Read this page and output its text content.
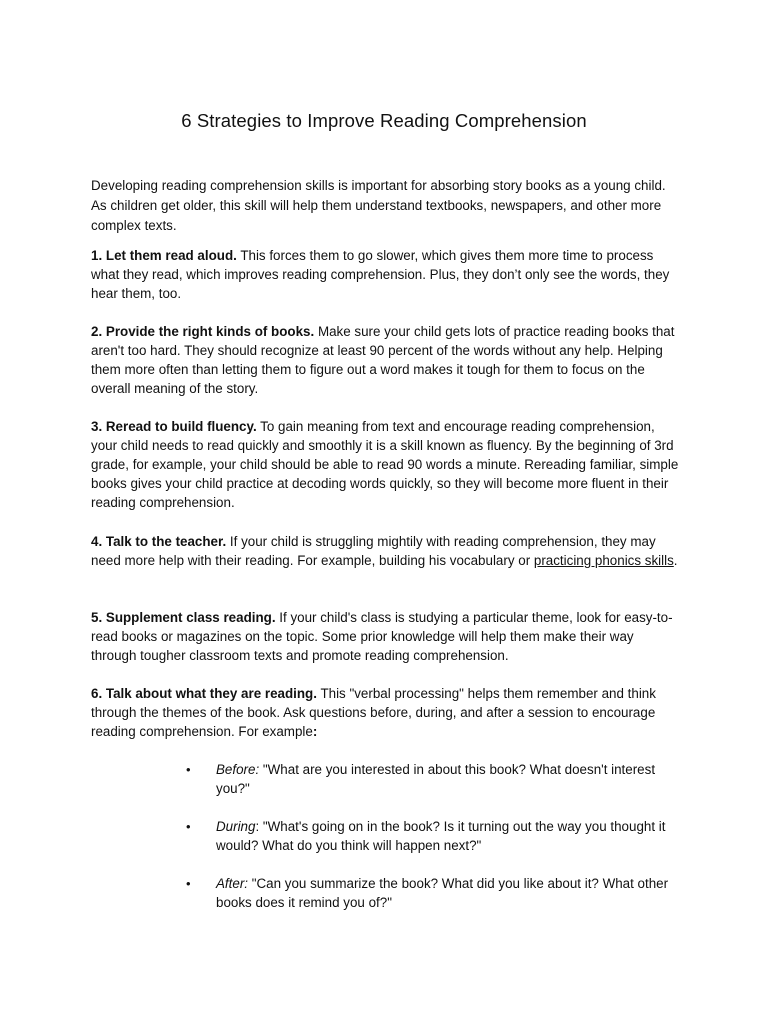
6 Strategies to Improve Reading Comprehension

Developing reading comprehension skills is important for absorbing story books as a young child. As children get older, this skill will help them understand textbooks, newspapers, and other more complex texts.

1. Let them read aloud. This forces them to go slower, which gives them more time to process what they read, which improves reading comprehension. Plus, they don’t only see the words, they hear them, too.

2. Provide the right kinds of books. Make sure your child gets lots of practice reading books that aren't too hard. They should recognize at least 90 percent of the words without any help. Helping them more often than letting them to figure out a word makes it tough for them to focus on the overall meaning of the story.

3. Reread to build fluency. To gain meaning from text and encourage reading comprehension, your child needs to read quickly and smoothly it is a skill known as fluency. By the beginning of 3rd grade, for example, your child should be able to read 90 words a minute. Rereading familiar, simple books gives your child practice at decoding words quickly, so they will become more fluent in their reading comprehension.

4. Talk to the teacher. If your child is struggling mightily with reading comprehension, they may need more help with their reading. For example, building his vocabulary or practicing phonics skills.

5. Supplement class reading. If your child's class is studying a particular theme, look for easy-to-read books or magazines on the topic. Some prior knowledge will help them make their way through tougher classroom texts and promote reading comprehension.

6. Talk about what they are reading. This "verbal processing" helps them remember and think through the themes of the book. Ask questions before, during, and after a session to encourage reading comprehension. For example:

•	Before: "What are you interested in about this book? What doesn't interest you?"
•	During: "What's going on in the book? Is it turning out the way you thought it would? What do you think will happen next?"
•	After: "Can you summarize the book? What did you like about it? What other books does it remind you of?"
